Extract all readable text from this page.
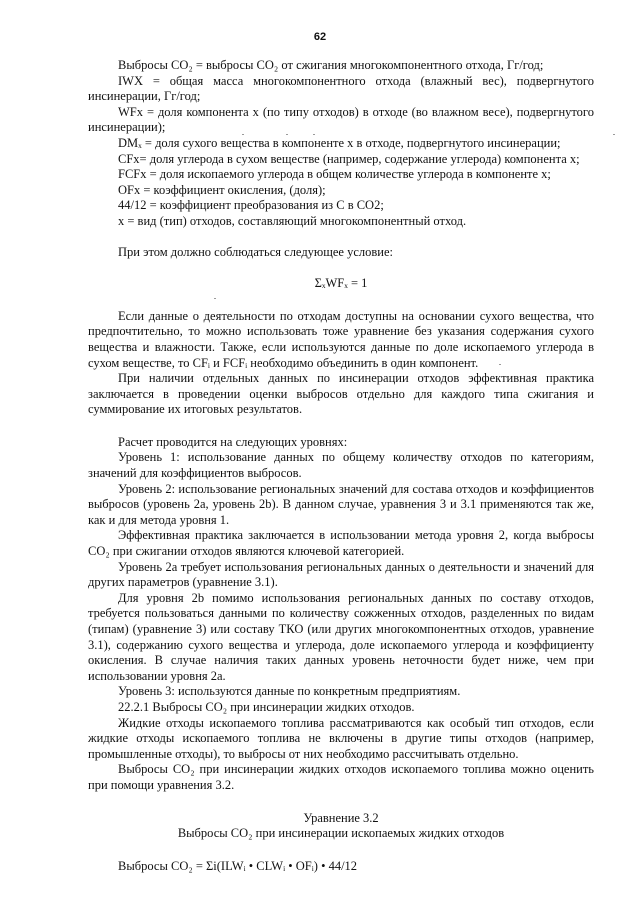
62

Выбросы CO₂ = выбросы CO₂ от сжигания многокомпонентного отхода, Гг/год;

IWX = общая масса многокомпонентного отхода (влажный вес), подвергнутого инсинерации, Гг/год;

WFx = доля компонента x (по типу отходов) в отходе (во влажном весе), подвергнутого инсинерации);

DMₓ = доля сухого вещества в компоненте x в отходе, подвергнутого инсинерации;

CFx= доля углерода в сухом веществе (например, содержание углерода) компонента x;

FCFx = доля ископаемого углерода в общем количестве углерода в компоненте x;

OFx = коэффициент окисления, (доля);

44/12 = коэффициент преобразования из C в CO2;

x = вид (тип) отходов, составляющий многокомпонентный отход.

При этом должно соблюдаться следующее условие:

ΣₓWFₓ = 1

Если данные о деятельности по отходам доступны на основании сухого вещества, что предпочтительно, то можно использовать тоже уравнение без указания содержания сухого вещества и влажности. Также, если используются данные по доле ископаемого углерода в сухом веществе, то CFᵢ и FCFᵢ необходимо объединить в один компонент.

При наличии отдельных данных по инсинерации отходов эффективная практика заключается в проведении оценки выбросов отдельно для каждого типа сжигания и суммирование их итоговых результатов.

Расчет проводится на следующих уровнях:

Уровень 1: использование данных по общему количеству отходов по категориям, значений для коэффициентов выбросов.

Уровень 2: использование региональных значений для состава отходов и коэффициентов выбросов (уровень 2a, уровень 2b). В данном случае, уравнения 3 и 3.1 применяются так же, как и для метода уровня 1.

Эффективная практика заключается в использовании метода уровня 2, когда выбросы CO₂ при сжигании отходов являются ключевой категорией.

Уровень 2a требует использования региональных данных о деятельности и значений для других параметров (уравнение 3.1).

Для уровня 2b помимо использования региональных данных по составу отходов, требуется пользоваться данными по количеству сожженных отходов, разделенных по видам (типам) (уравнение 3) или составу ТКО (или других многокомпонентных отходов, уравнение 3.1), содержанию сухого вещества и углерода, доле ископаемого углерода и коэффициенту окисления. В случае наличия таких данных уровень неточности будет ниже, чем при использовании уровня 2a.

Уровень 3: используются данные по конкретным предприятиям.

22.2.1 Выбросы CO₂ при инсинерации жидких отходов.

Жидкие отходы ископаемого топлива рассматриваются как особый тип отходов, если жидкие отходы ископаемого топлива не включены в другие типы отходов (например, промышленные отходы), то выбросы от них необходимо рассчитывать отдельно.

Выбросы CO₂ при инсинерации жидких отходов ископаемого топлива можно оценить при помощи уравнения 3.2.

Уравнение 3.2

Выбросы CO₂ при инсинерации ископаемых жидких отходов

Выбросы CO₂ = Σi(ILWᵢ • CLWᵢ • OFᵢ) • 44/12
